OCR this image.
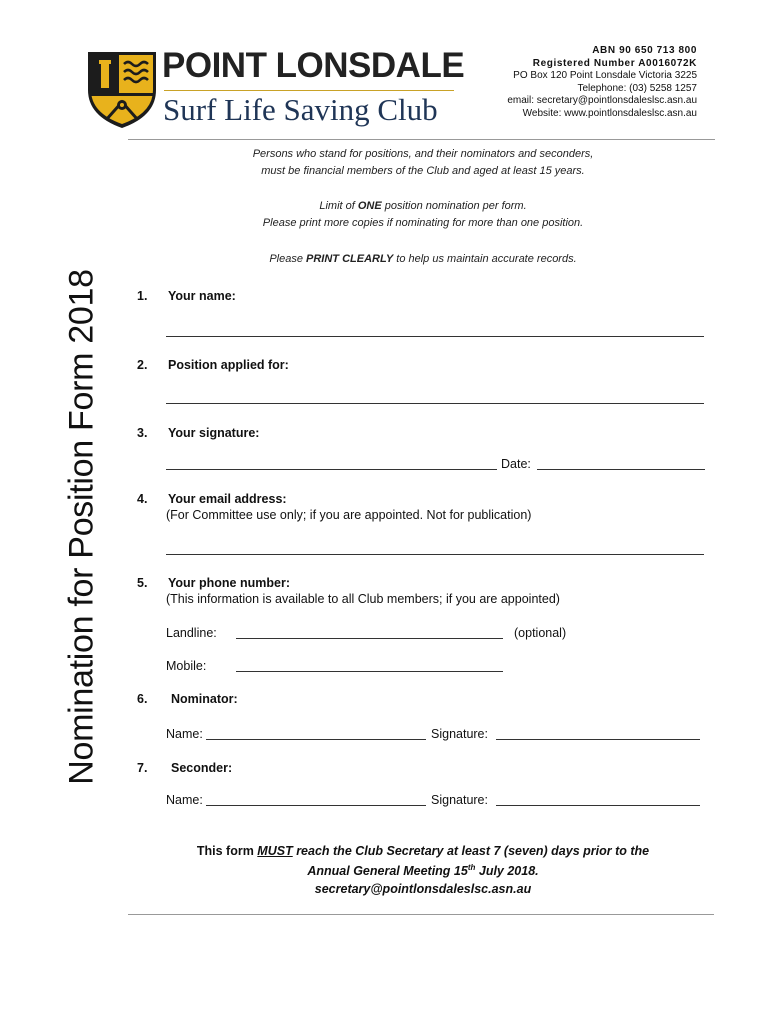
POINT LONSDALE
Surf Life Saving Club
ABN 90 650 713 800
Registered Number A0016072K
PO Box 120 Point Lonsdale Victoria 3225
Telephone: (03) 5258 1257
email: secretary@pointlonsdaleslsc.asn.au
Website: www.pointlonsdaleslsc.asn.au
Nomination for Position Form 2018
Persons who stand for positions, and their nominators and seconders,
must be financial members of the Club and aged at least 15 years.
Limit of ONE position nomination per form.
Please print more copies if nominating for more than one position.
Please PRINT CLEARLY to help us maintain accurate records.
1. Your name:
2. Position applied for:
3. Your signature:
Date:
4. Your email address:
(For Committee use only; if you are appointed. Not for publication)
5. Your phone number:
(This information is available to all Club members; if you are appointed)
Landline:	(optional)
Mobile:
6. Nominator:
Name:	Signature:
7. Seconder:
Name:	Signature:
This form MUST reach the Club Secretary at least 7 (seven) days prior to the
Annual General Meeting 15th July 2018.
secretary@pointlonsdaleslsc.asn.au
